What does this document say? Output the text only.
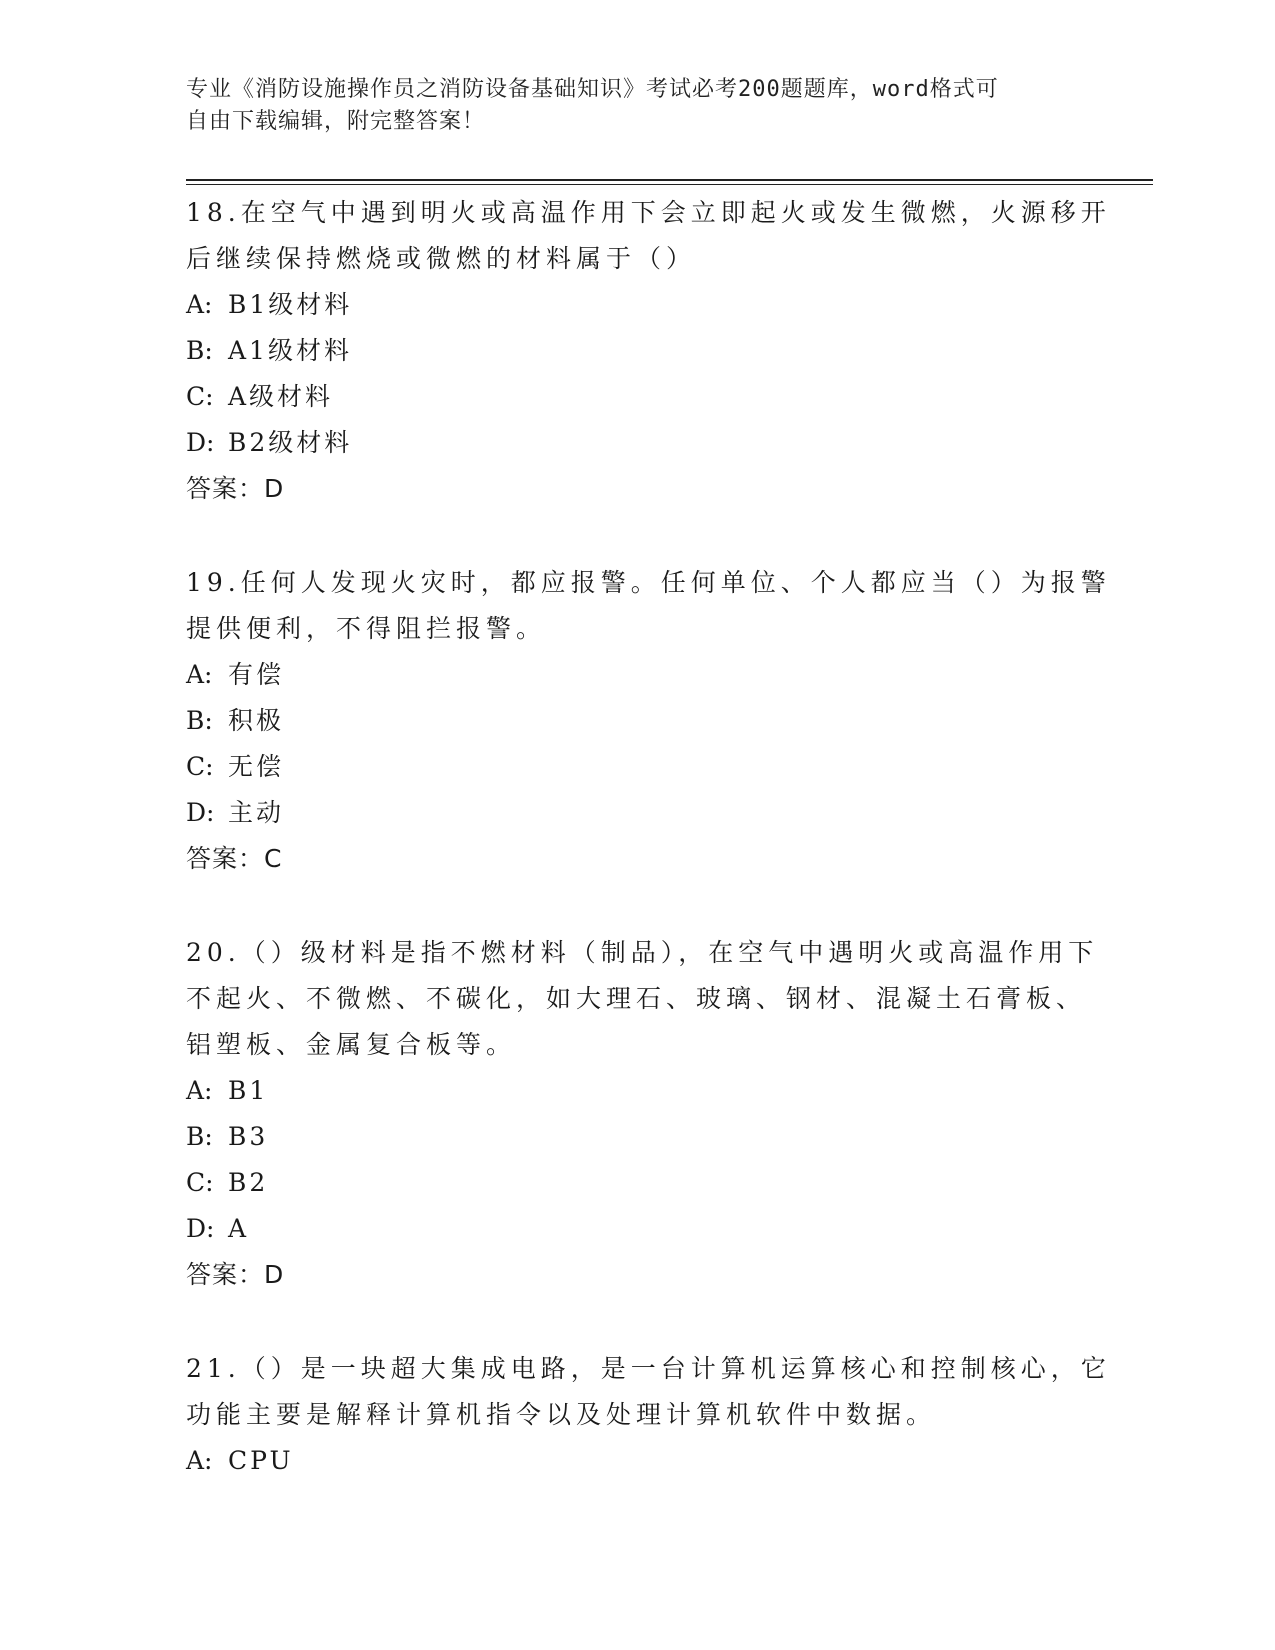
专业《消防设施操作员之消防设备基础知识》考试必考200题题库，word格式可
自由下载编辑，附完整答案！
18.在空气中遇到明火或高温作用下会立即起火或发生微燃，火源移开
后继续保持燃烧或微燃的材料属于（）
A: B1级材料
B: A1级材料
C: A级材料
D: B2级材料
答案：D
19.任何人发现火灾时，都应报警。任何单位、个人都应当（）为报警
提供便利，不得阻拦报警。
A: 有偿
B: 积极
C: 无偿
D: 主动
答案：C
20.（）级材料是指不燃材料（制品），在空气中遇明火或高温作用下
不起火、不微燃、不碳化，如大理石、玻璃、钢材、混凝土石膏板、
铝塑板、金属复合板等。
A: B1
B: B3
C: B2
D: A
答案：D
21.（）是一块超大集成电路，是一台计算机运算核心和控制核心，它
功能主要是解释计算机指令以及处理计算机软件中数据。
A: CPU
